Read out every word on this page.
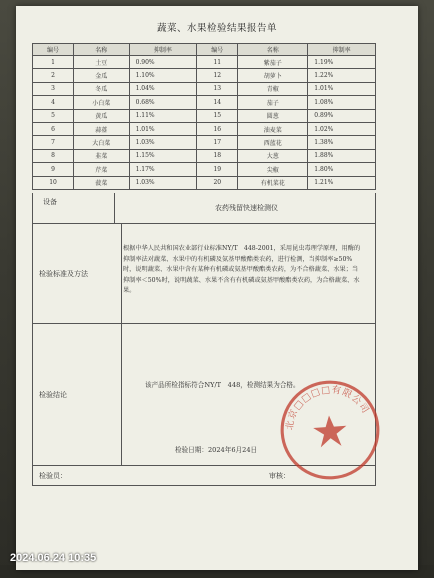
蔬菜、水果检验结果报告单
编号	名称	抑制率	编号	名称	抑制率
1	土豆	0.90%	11	紫茄子	1.19%
2	金瓜	1.10%	12	胡萝卜	1.22%
3	冬瓜	1.04%	13	青椒	1.01%
4	小白菜	0.68%	14	茄子	1.08%
5	黄瓜	1.11%	15	圆葱	0.89%
6	蒜薹	1.01%	16	油麦菜	1.02%
7	大白菜	1.03%	17	西蓝花	1.38%
8	韭菜	1.15%	18	大葱	1.88%
9	芹菜	1.17%	19	尖椒	1.80%
10	菠菜	1.03%	20	有机菜花	1.21%
设备
农药残留快速检测仪
检验标准及方法
根据中华人民共和国农业部行业标准NY/T　448-2001，采用昆虫毒理学原理，用酶的抑制率法对蔬菜、水果中的有机磷及氨基甲酸酯类农药，进行检测，当抑制率≥50%时，说明蔬菜、水果中含有某种有机磷或氨基甲酸酯类农药，为不合格蔬菜、水果；当抑制率＜50%时，说明蔬菜、水果不含有有机磷或氨基甲酸酯类农药，为合格蔬菜、水果。
检验结论
该产品所检指标符合NY/T　448，检测结果为合格。
检验日期：2024年6月24日
检验员：	审核：
北京□□□□有限公司
2024.06.24 10:35
